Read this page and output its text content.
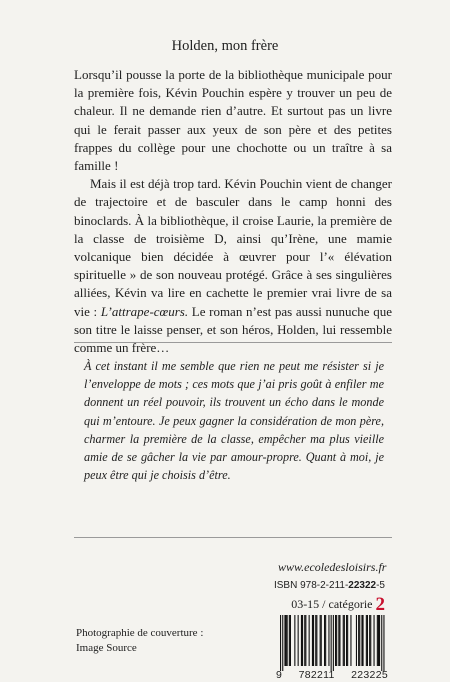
Holden, mon frère

Lorsqu’il pousse la porte de la bibliothèque municipale pour la première fois, Kévin Pouchin espère y trouver un peu de chaleur. Il ne demande rien d’autre. Et surtout pas un livre qui le ferait passer aux yeux de son père et des petites frappes du collège pour une chochotte ou un traître à sa famille !

Mais il est déjà trop tard. Kévin Pouchin vient de changer de trajectoire et de basculer dans le camp honni des binoclards. À la bibliothèque, il croise Laurie, la première de la classe de troisième D, ainsi qu’Irène, une mamie volcanique bien décidée à œuvrer pour l’« élévation spirituelle » de son nouveau protégé. Grâce à ses singulières alliées, Kévin va lire en cachette le premier vrai livre de sa vie : L’attrape-cœurs. Le roman n’est pas aussi nunuche que son titre le laisse penser, et son héros, Holden, lui ressemble comme un frère…

À cet instant il me semble que rien ne peut me résister si je l’enveloppe de mots ; ces mots que j’ai pris goût à enfiler me donnent un réel pouvoir, ils trouvent un écho dans le monde qui m’entoure. Je peux gagner la considération de mon père, charmer la première de la classe, empêcher ma plus vieille amie de se gâcher la vie par amour-propre. Quant à moi, je peux être qui je choisis d’être.

www.ecoledesloisirs.fr
ISBN 978-2-211-22322-5
03-15 / catégorie 2
Photographie de couverture :
Image Source
9 782211 223225
